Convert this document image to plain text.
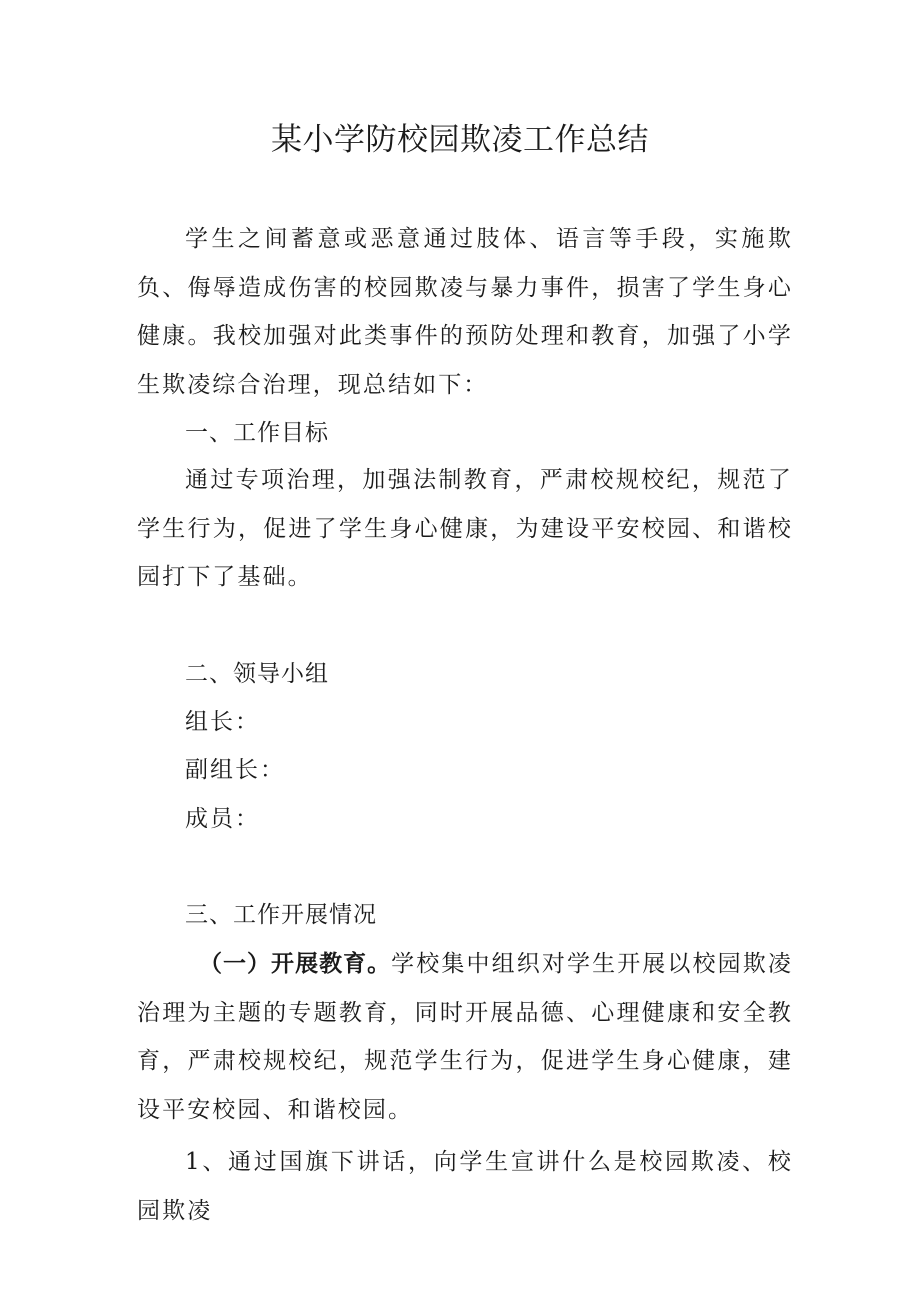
某小学防校园欺凌工作总结

学生之间蓄意或恶意通过肢体、语言等手段，实施欺负、侮辱造成伤害的校园欺凌与暴力事件，损害了学生身心健康。我校加强对此类事件的预防处理和教育，加强了小学生欺凌综合治理，现总结如下：

一、工作目标

通过专项治理，加强法制教育，严肃校规校纪，规范了学生行为，促进了学生身心健康，为建设平安校园、和谐校园打下了基础。

二、领导小组

组长：

副组长：

成员：

三、工作开展情况

（一）开展教育。学校集中组织对学生开展以校园欺凌治理为主题的专题教育，同时开展品德、心理健康和安全教育，严肃校规校纪，规范学生行为，促进学生身心健康，建设平安校园、和谐校园。

1、通过国旗下讲话，向学生宣讲什么是校园欺凌、校园欺凌
